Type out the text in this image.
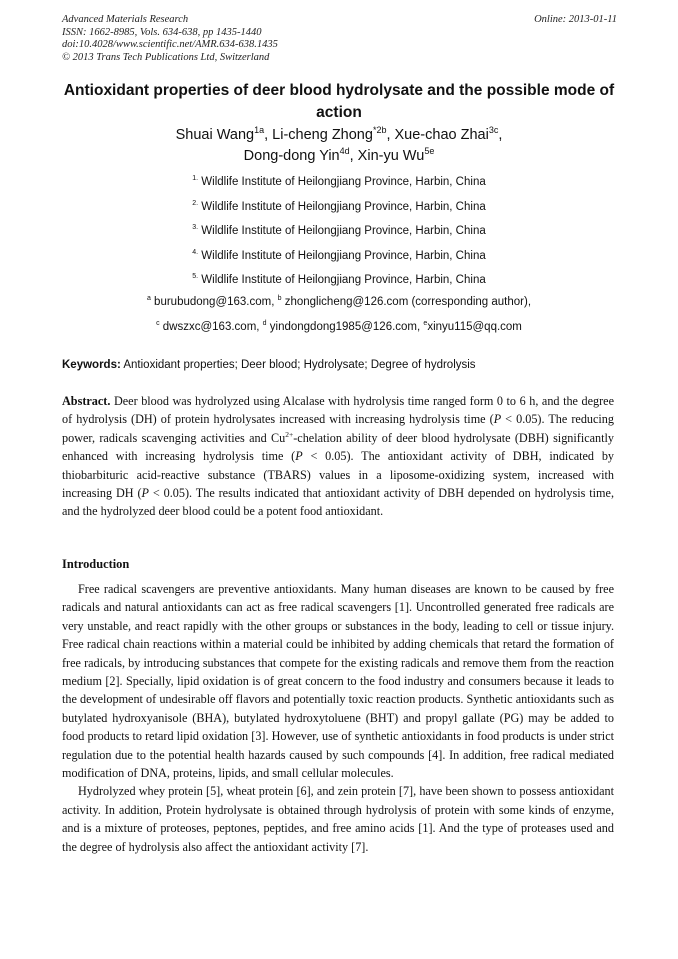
Advanced Materials Research
ISSN: 1662-8985, Vols. 634-638, pp 1435-1440
doi:10.4028/www.scientific.net/AMR.634-638.1435
© 2013 Trans Tech Publications Ltd, Switzerland
Online: 2013-01-11
Antioxidant properties of deer blood hydrolysate and the possible mode of action
Shuai Wang$^{1a}$, Li-cheng Zhong$^{*2b}$, Xue-chao Zhai$^{3c}$,
Dong-dong Yin$^{4d}$, Xin-yu $Wu^{5e}$
$^{1.}$ Wildlife Institute of Heilongjiang Province, Harbin, China
$^{2.}$ Wildlife Institute of Heilongjiang Province, Harbin, China
$^{3.}$ Wildlife Institute of Heilongjiang Province, Harbin, China
$^{4.}$ Wildlife Institute of Heilongjiang Province, Harbin, China
$^{5.}$ Wildlife Institute of Heilongjiang Province, Harbin, China
$^a$ burubudong@163.com, $^b$ zhonglicheng@126.com (corresponding author),
$^c$ dwszxc@163.com, $^d$ yindongdong1985@126.com, $^e$xinyu115@qq.com
Keywords: Antioxidant properties; Deer blood; Hydrolysate; Degree of hydrolysis
Abstract. Deer blood was hydrolyzed using Alcalase with hydrolysis time ranged form 0 to 6 h, and the degree of hydrolysis (DH) of protein hydrolysates increased with increasing hydrolysis time (P < 0.05). The reducing power, radicals scavenging activities and $Cu^{2+}$-chelation ability of deer blood hydrolysate (DBH) significantly enhanced with increasing hydrolysis time (P < 0.05). The antioxidant activity of DBH, indicated by thiobarbituric acid-reactive substance (TBARS) values in a liposome-oxidizing system, increased with increasing DH (P < 0.05). The results indicated that antioxidant activity of DBH depended on hydrolysis time, and the hydrolyzed deer blood could be a potent food antioxidant.
Introduction

Free radical scavengers are preventive antioxidants. Many human diseases are known to be caused by free radicals and natural antioxidants can act as free radical scavengers [1]. Uncontrolled generated free radicals are very unstable, and react rapidly with the other groups or substances in the body, leading to cell or tissue injury. Free radical chain reactions within a material could be inhibited by adding chemicals that retard the formation of free radicals, by introducing substances that compete for the existing radicals and remove them from the reaction medium [2]. Specially, lipid oxidation is of great concern to the food industry and consumers because it leads to the development of undesirable off flavors and potentially toxic reaction products. Synthetic antioxidants such as butylated hydroxyanisole (BHA), butylated hydroxytoluene (BHT) and propyl gallate (PG) may be added to food products to retard lipid oxidation [3]. However, use of synthetic antioxidants in food products is under strict regulation due to the potential health hazards caused by such compounds [4]. In addition, free radical mediated modification of DNA, proteins, lipids, and small cellular molecules.

Hydrolyzed whey protein [5], wheat protein [6], and zein protein [7], have been shown to possess antioxidant activity. In addition, Protein hydrolysate is obtained through hydrolysis of protein with some kinds of enzyme, and is a mixture of proteoses, peptones, peptides, and free amino acids [1]. And the type of proteases used and the degree of hydrolysis also affect the antioxidant activity [7].
